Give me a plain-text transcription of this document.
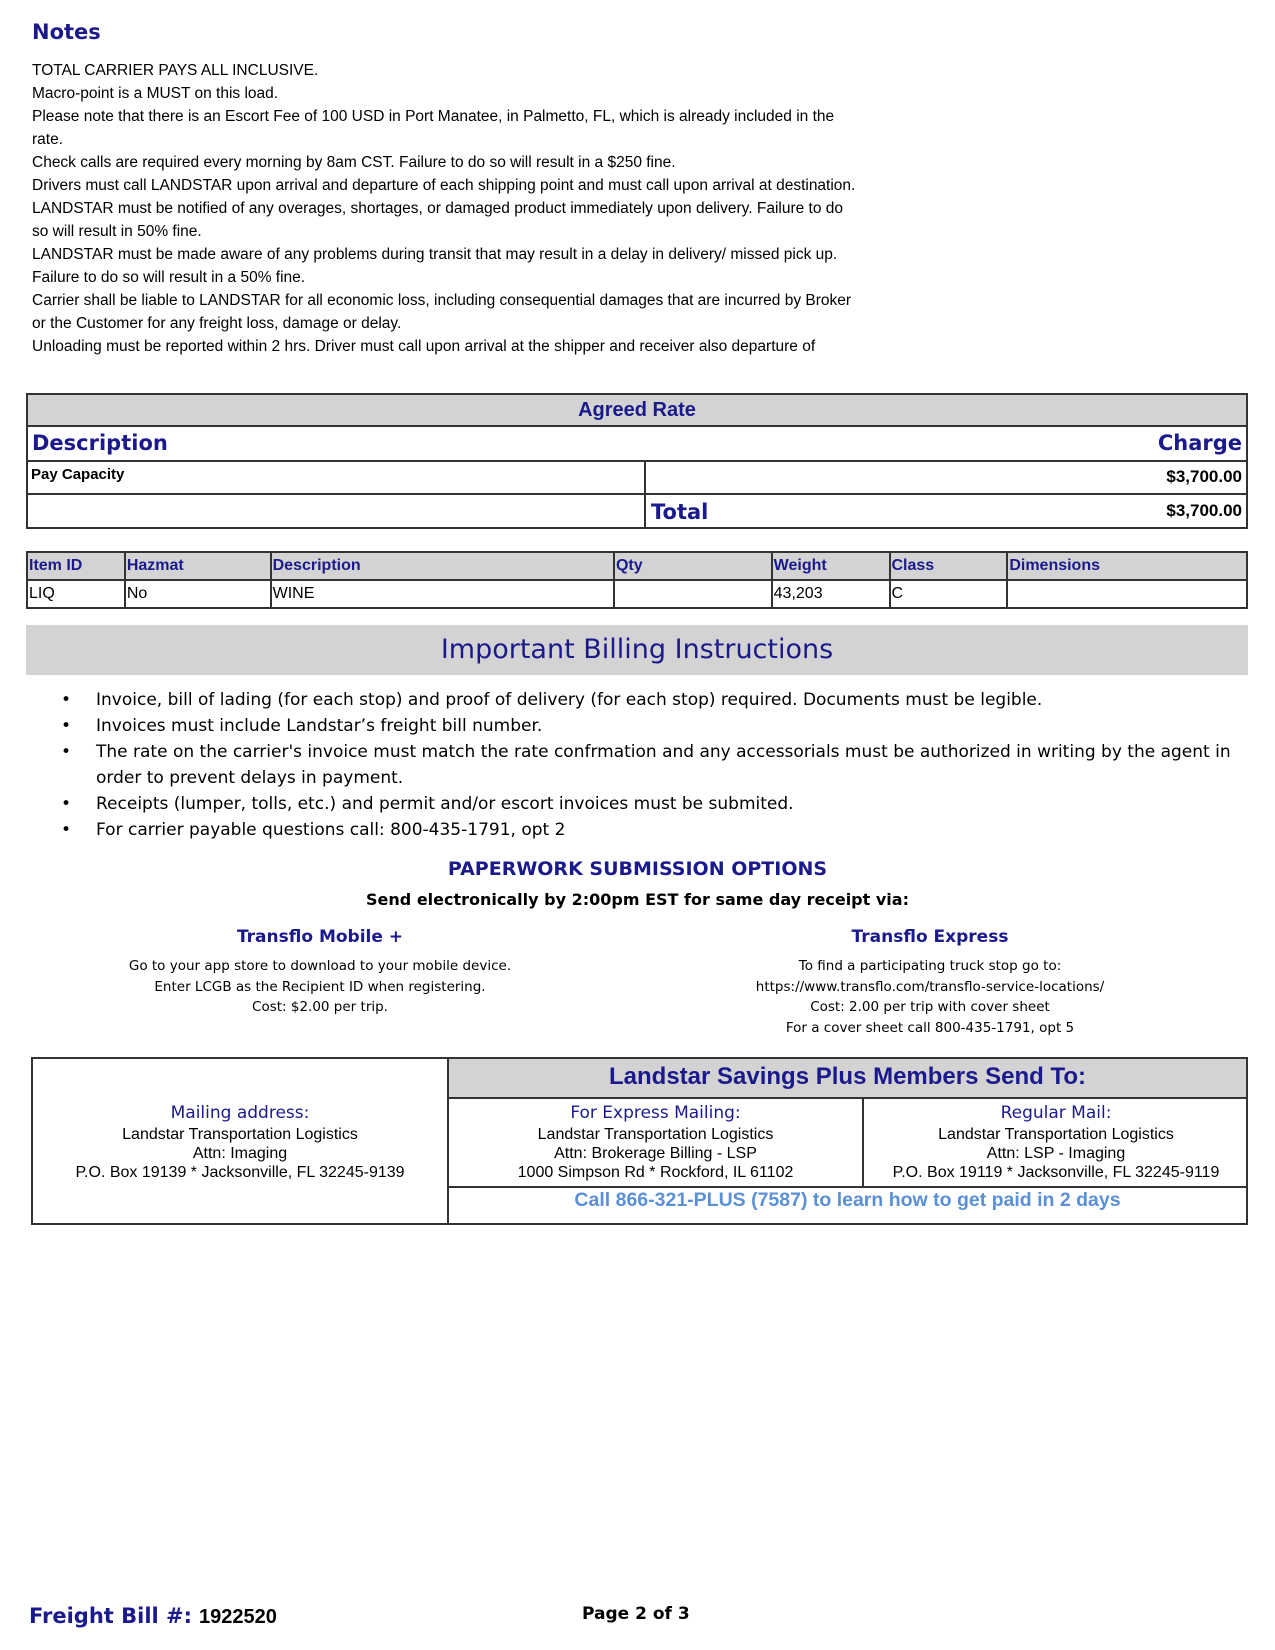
Notes
TOTAL CARRIER PAYS ALL INCLUSIVE.
Macro-point is a MUST on this load.
Please note that there is an Escort Fee of 100 USD in Port Manatee, in Palmetto, FL, which is already included in the
rate.
Check calls are required every morning by 8am CST. Failure to do so will result in a $250 fine.
Drivers must call LANDSTAR upon arrival and departure of each shipping point and must call upon arrival at destination.
LANDSTAR must be notified of any overages, shortages, or damaged product immediately upon delivery. Failure to do
so will result in 50% fine.
LANDSTAR must be made aware of any problems during transit that may result in a delay in delivery/ missed pick up.
Failure to do so will result in a 50% fine.
Carrier shall be liable to LANDSTAR for all economic loss, including consequential damages that are incurred by Broker
or the Customer for any freight loss, damage or delay.
Unloading must be reported within 2 hrs. Driver must call upon arrival at the shipper and receiver also departure of
Agreed Rate
Description	Charge
Pay Capacity	$3,700.00
Total	$3,700.00
Item ID	Hazmat	Description	Qty	Weight	Class	Dimensions
LIQ	No	WINE		43,203	C	
Important Billing Instructions
• Invoice, bill of lading (for each stop) and proof of delivery (for each stop) required. Documents must be legible.
• Invoices must include Landstar’s freight bill number.
• The rate on the carrier's invoice must match the rate confrmation and any accessorials must be authorized in writing by the agent in order to prevent delays in payment.
• Receipts (lumper, tolls, etc.) and permit and/or escort invoices must be submited.
• For carrier payable questions call: 800-435-1791, opt 2
PAPERWORK SUBMISSION OPTIONS
Send electronically by 2:00pm EST for same day receipt via:
Transflo Mobile +
Go to your app store to download to your mobile device.
Enter LCGB as the Recipient ID when registering.
Cost: $2.00 per trip.
Transflo Express
To find a participating truck stop go to:
https://www.transflo.com/transflo-service-locations/
Cost: 2.00 per trip with cover sheet
For a cover sheet call 800-435-1791, opt 5
Landstar Savings Plus Members Send To:
Mailing address:
Landstar Transportation Logistics
Attn: Imaging
P.O. Box 19139 * Jacksonville, FL 32245-9139
For Express Mailing:
Landstar Transportation Logistics
Attn: Brokerage Billing - LSP
1000 Simpson Rd * Rockford, IL 61102
Regular Mail:
Landstar Transportation Logistics
Attn: LSP - Imaging
P.O. Box 19119 * Jacksonville, FL 32245-9119
Call 866-321-PLUS (7587) to learn how to get paid in 2 days
Freight Bill #: 1922520	Page 2 of 3
